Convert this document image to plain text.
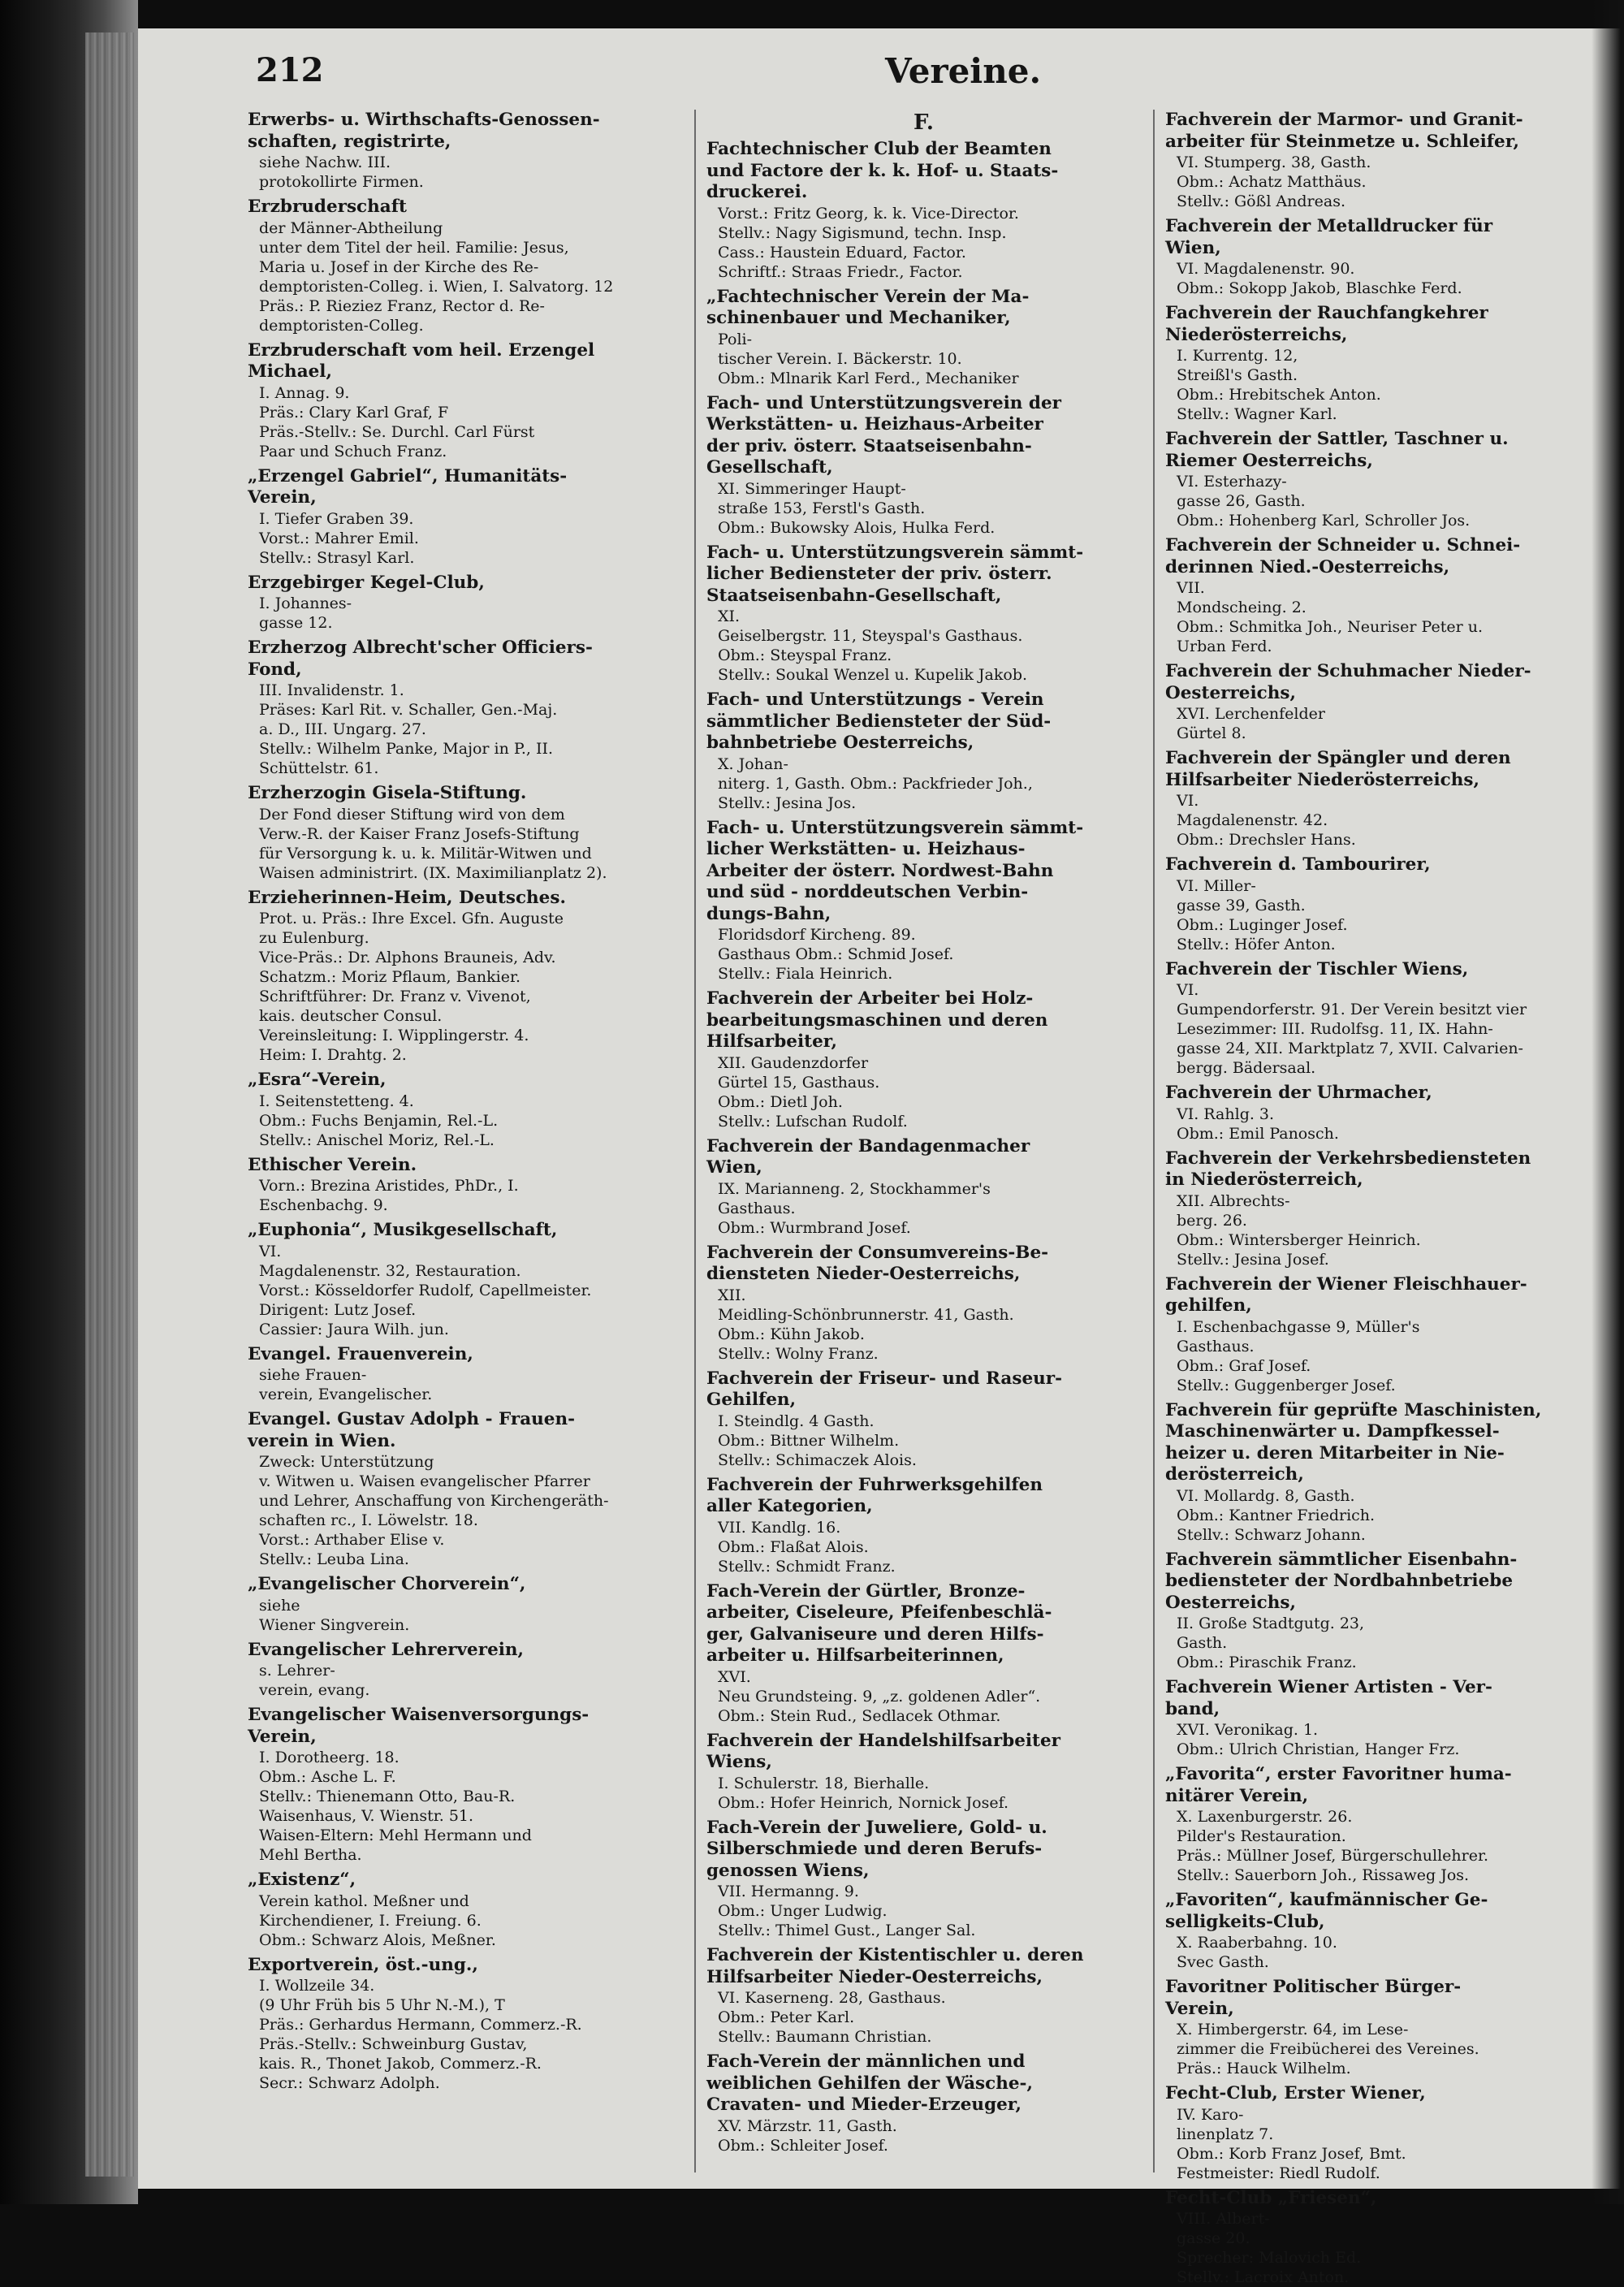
212	Vereine.
Erwerbs- u. Wirthschafts-Genossen-
schaften, registrirte,
siehe Nachw. III.
protokollirte Firmen.
Erzbruderschaft
der Männer-Abtheilung
unter dem Titel der heil. Familie: Jesus,
Maria u. Josef in der Kirche des Re-
demptoristen-Colleg. i. Wien, I. Salvatorg. 12
Präs.: P. Rieziez Franz, Rector d. Re-
demptoristen-Colleg.
Erzbruderschaft vom heil. Erzengel
Michael,
I. Annag. 9.
Präs.: Clary Karl Graf, F
Präs.-Stellv.: Se. Durchl. Carl Fürst
Paar und Schuch Franz.
„Erzengel Gabriel“, Humanitäts-
Verein,
I. Tiefer Graben 39.
Vorst.: Mahrer Emil.
Stellv.: Strasyl Karl.
Erzgebirger Kegel-Club,
I. Johannes-
gasse 12.
Erzherzog Albrecht'scher Officiers-
Fond,
III. Invalidenstr. 1.
Präses: Karl Rit. v. Schaller, Gen.-Maj.
a. D., III. Ungarg. 27.
Stellv.: Wilhelm Panke, Major in P., II.
Schüttelstr. 61.
Erzherzogin Gisela-Stiftung.
Der Fond dieser Stiftung wird von dem
Verw.-R. der Kaiser Franz Josefs-Stiftung
für Versorgung k. u. k. Militär-Witwen und
Waisen administrirt. (IX. Maximilianplatz 2).
Erzieherinnen-Heim, Deutsches.
Prot. u. Präs.: Ihre Excel. Gfn. Auguste
zu Eulenburg.
Vice-Präs.: Dr. Alphons Brauneis, Adv.
Schatzm.: Moriz Pflaum, Bankier.
Schriftführer: Dr. Franz v. Vivenot,
kais. deutscher Consul.
Vereinsleitung: I. Wipplingerstr. 4.
Heim: I. Drahtg. 2.
„Esra“-Verein,
I. Seitenstetteng. 4.
Obm.: Fuchs Benjamin, Rel.-L.
Stellv.: Anischel Moriz, Rel.-L.
Ethischer Verein.
Vorn.: Brezina Aristides, PhDr., I.
Eschenbachg. 9.
„Euphonia“, Musikgesellschaft,
VI.
Magdalenenstr. 32, Restauration.
Vorst.: Kösseldorfer Rudolf, Capellmeister.
Dirigent: Lutz Josef.
Cassier: Jaura Wilh. jun.
Evangel. Frauenverein,
siehe Frauen-
verein, Evangelischer.
Evangel. Gustav Adolph - Frauen-
verein in Wien.
Zweck: Unterstützung
v. Witwen u. Waisen evangelischer Pfarrer
und Lehrer, Anschaffung von Kirchengeräth-
schaften rc., I. Löwelstr. 18.
Vorst.: Arthaber Elise v.
Stellv.: Leuba Lina.
„Evangelischer Chorverein“,
siehe
Wiener Singverein.
Evangelischer Lehrerverein,
s. Lehrer-
verein, evang.
Evangelischer Waisenversorgungs-
Verein,
I. Dorotheerg. 18.
Obm.: Asche L. F.
Stellv.: Thienemann Otto, Bau-R.
Waisenhaus, V. Wienstr. 51.
Waisen-Eltern: Mehl Hermann und
Mehl Bertha.
„Existenz“,
Verein kathol. Meßner und
Kirchendiener, I. Freiung. 6.
Obm.: Schwarz Alois, Meßner.
Exportverein, öst.-ung.,
I. Wollzeile 34.
(9 Uhr Früh bis 5 Uhr N.-M.), T
Präs.: Gerhardus Hermann, Commerz.-R.
Präs.-Stellv.: Schweinburg Gustav,
kais. R., Thonet Jakob, Commerz.-R.
Secr.: Schwarz Adolph.
F.
Fachtechnischer Club der Beamten
und Factore der k. k. Hof- u. Staats-
druckerei.
Vorst.: Fritz Georg, k. k. Vice-Director.
Stellv.: Nagy Sigismund, techn. Insp.
Cass.: Haustein Eduard, Factor.
Schriftf.: Straas Friedr., Factor.
„Fachtechnischer Verein der Ma-
schinenbauer und Mechaniker,
Poli-
tischer Verein. I. Bäckerstr. 10.
Obm.: Mlnarik Karl Ferd., Mechaniker
Fach- und Unterstützungsverein der
Werkstätten- u. Heizhaus-Arbeiter
der priv. österr. Staatseisenbahn-
Gesellschaft,
XI. Simmeringer Haupt-
straße 153, Ferstl's Gasth.
Obm.: Bukowsky Alois, Hulka Ferd.
Fach- u. Unterstützungsverein sämmt-
licher Bediensteter der priv. österr.
Staatseisenbahn-Gesellschaft,
XI.
Geiselbergstr. 11, Steyspal's Gasthaus.
Obm.: Steyspal Franz.
Stellv.: Soukal Wenzel u. Kupelik Jakob.
Fach- und Unterstützungs - Verein
sämmtlicher Bediensteter der Süd-
bahnbetriebe Oesterreichs,
X. Johan-
niterg. 1, Gasth. Obm.: Packfrieder Joh.,
Stellv.: Jesina Jos.
Fach- u. Unterstützungsverein sämmt-
licher Werkstätten- u. Heizhaus-
Arbeiter der österr. Nordwest-Bahn
und süd - norddeutschen Verbin-
dungs-Bahn,
Floridsdorf Kircheng. 89.
Gasthaus Obm.: Schmid Josef.
Stellv.: Fiala Heinrich.
Fachverein der Arbeiter bei Holz-
bearbeitungsmaschinen und deren
Hilfsarbeiter,
XII. Gaudenzdorfer
Gürtel 15, Gasthaus.
Obm.: Dietl Joh.
Stellv.: Lufschan Rudolf.
Fachverein der Bandagenmacher
Wien,
IX. Marianneng. 2, Stockhammer's
Gasthaus.
Obm.: Wurmbrand Josef.
Fachverein der Consumvereins-Be-
diensteten Nieder-Oesterreichs,
XII.
Meidling-Schönbrunnerstr. 41, Gasth.
Obm.: Kühn Jakob.
Stellv.: Wolny Franz.
Fachverein der Friseur- und Raseur-
Gehilfen,
I. Steindlg. 4 Gasth.
Obm.: Bittner Wilhelm.
Stellv.: Schimaczek Alois.
Fachverein der Fuhrwerksgehilfen
aller Kategorien,
VII. Kandlg. 16.
Obm.: Flaßat Alois.
Stellv.: Schmidt Franz.
Fach-Verein der Gürtler, Bronze-
arbeiter, Ciseleure, Pfeifenbeschlä-
ger, Galvaniseure und deren Hilfs-
arbeiter u. Hilfsarbeiterinnen,
XVI.
Neu Grundsteing. 9, „z. goldenen Adler“.
Obm.: Stein Rud., Sedlacek Othmar.
Fachverein der Handelshilfsarbeiter
Wiens,
I. Schulerstr. 18, Bierhalle.
Obm.: Hofer Heinrich, Nornick Josef.
Fach-Verein der Juweliere, Gold- u.
Silberschmiede und deren Berufs-
genossen Wiens,
VII. Hermanng. 9.
Obm.: Unger Ludwig.
Stellv.: Thimel Gust., Langer Sal.
Fachverein der Kistentischler u. deren
Hilfsarbeiter Nieder-Oesterreichs,
VI. Kaserneng. 28, Gasthaus.
Obm.: Peter Karl.
Stellv.: Baumann Christian.
Fach-Verein der männlichen und
weiblichen Gehilfen der Wäsche-,
Cravaten- und Mieder-Erzeuger,
XV. Märzstr. 11, Gasth.
Obm.: Schleiter Josef.
Fachverein der Marmor- und Granit-
arbeiter für Steinmetze u. Schleifer,
VI. Stumperg. 38, Gasth.
Obm.: Achatz Matthäus.
Stellv.: Gößl Andreas.
Fachverein der Metalldrucker für
Wien,
VI. Magdalenenstr. 90.
Obm.: Sokopp Jakob, Blaschke Ferd.
Fachverein der Rauchfangkehrer
Niederösterreichs,
I. Kurrentg. 12,
Streißl's Gasth.
Obm.: Hrebitschek Anton.
Stellv.: Wagner Karl.
Fachverein der Sattler, Taschner u.
Riemer Oesterreichs,
VI. Esterhazy-
gasse 26, Gasth.
Obm.: Hohenberg Karl, Schroller Jos.
Fachverein der Schneider u. Schnei-
derinnen Nied.-Oesterreichs,
VII.
Mondscheing. 2.
Obm.: Schmitka Joh., Neuriser Peter u.
Urban Ferd.
Fachverein der Schuhmacher Nieder-
Oesterreichs,
XVI. Lerchenfelder
Gürtel 8.
Fachverein der Spängler und deren
Hilfsarbeiter Niederösterreichs,
VI.
Magdalenenstr. 42.
Obm.: Drechsler Hans.
Fachverein d. Tambourirer,
VI. Miller-
gasse 39, Gasth.
Obm.: Luginger Josef.
Stellv.: Höfer Anton.
Fachverein der Tischler Wiens,
VI.
Gumpendorferstr. 91. Der Verein besitzt vier
Lesezimmer: III. Rudolfsg. 11, IX. Hahn-
gasse 24, XII. Marktplatz 7, XVII. Calvarien-
bergg. Bädersaal.
Fachverein der Uhrmacher,
VI. Rahlg. 3.
Obm.: Emil Panosch.
Fachverein der Verkehrsbediensteten
in Niederösterreich,
XII. Albrechts-
berg. 26.
Obm.: Wintersberger Heinrich.
Stellv.: Jesina Josef.
Fachverein der Wiener Fleischhauer-
gehilfen,
I. Eschenbachgasse 9, Müller's
Gasthaus.
Obm.: Graf Josef.
Stellv.: Guggenberger Josef.
Fachverein für geprüfte Maschinisten,
Maschinenwärter u. Dampfkessel-
heizer u. deren Mitarbeiter in Nie-
derösterreich,
VI. Mollardg. 8, Gasth.
Obm.: Kantner Friedrich.
Stellv.: Schwarz Johann.
Fachverein sämmtlicher Eisenbahn-
bediensteter der Nordbahnbetriebe
Oesterreichs,
II. Große Stadtgutg. 23,
Gasth.
Obm.: Piraschik Franz.
Fachverein Wiener Artisten - Ver-
band,
XVI. Veronikag. 1.
Obm.: Ulrich Christian, Hanger Frz.
„Favorita“, erster Favoritner huma-
nitärer Verein,
X. Laxenburgerstr. 26.
Pilder's Restauration.
Präs.: Müllner Josef, Bürgerschullehrer.
Stellv.: Sauerborn Joh., Rissaweg Jos.
„Favoriten“, kaufmännischer Ge-
selligkeits-Club,
X. Raaberbahng. 10.
Svec Gasth.
Favoritner Politischer Bürger-
Verein,
X. Himbergerstr. 64, im Lese-
zimmer die Freibücherei des Vereines.
Präs.: Hauck Wilhelm.
Fecht-Club, Erster Wiener,
IV. Karo-
linenplatz 7.
Obm.: Korb Franz Josef, Bmt.
Festmeister: Riedl Rudolf.
Fecht-Club „Friesen“,
VIII. Albert-
gasse 20.
Sprecher: Malovich Ed.
Stellv.: Lacroix Anton.
